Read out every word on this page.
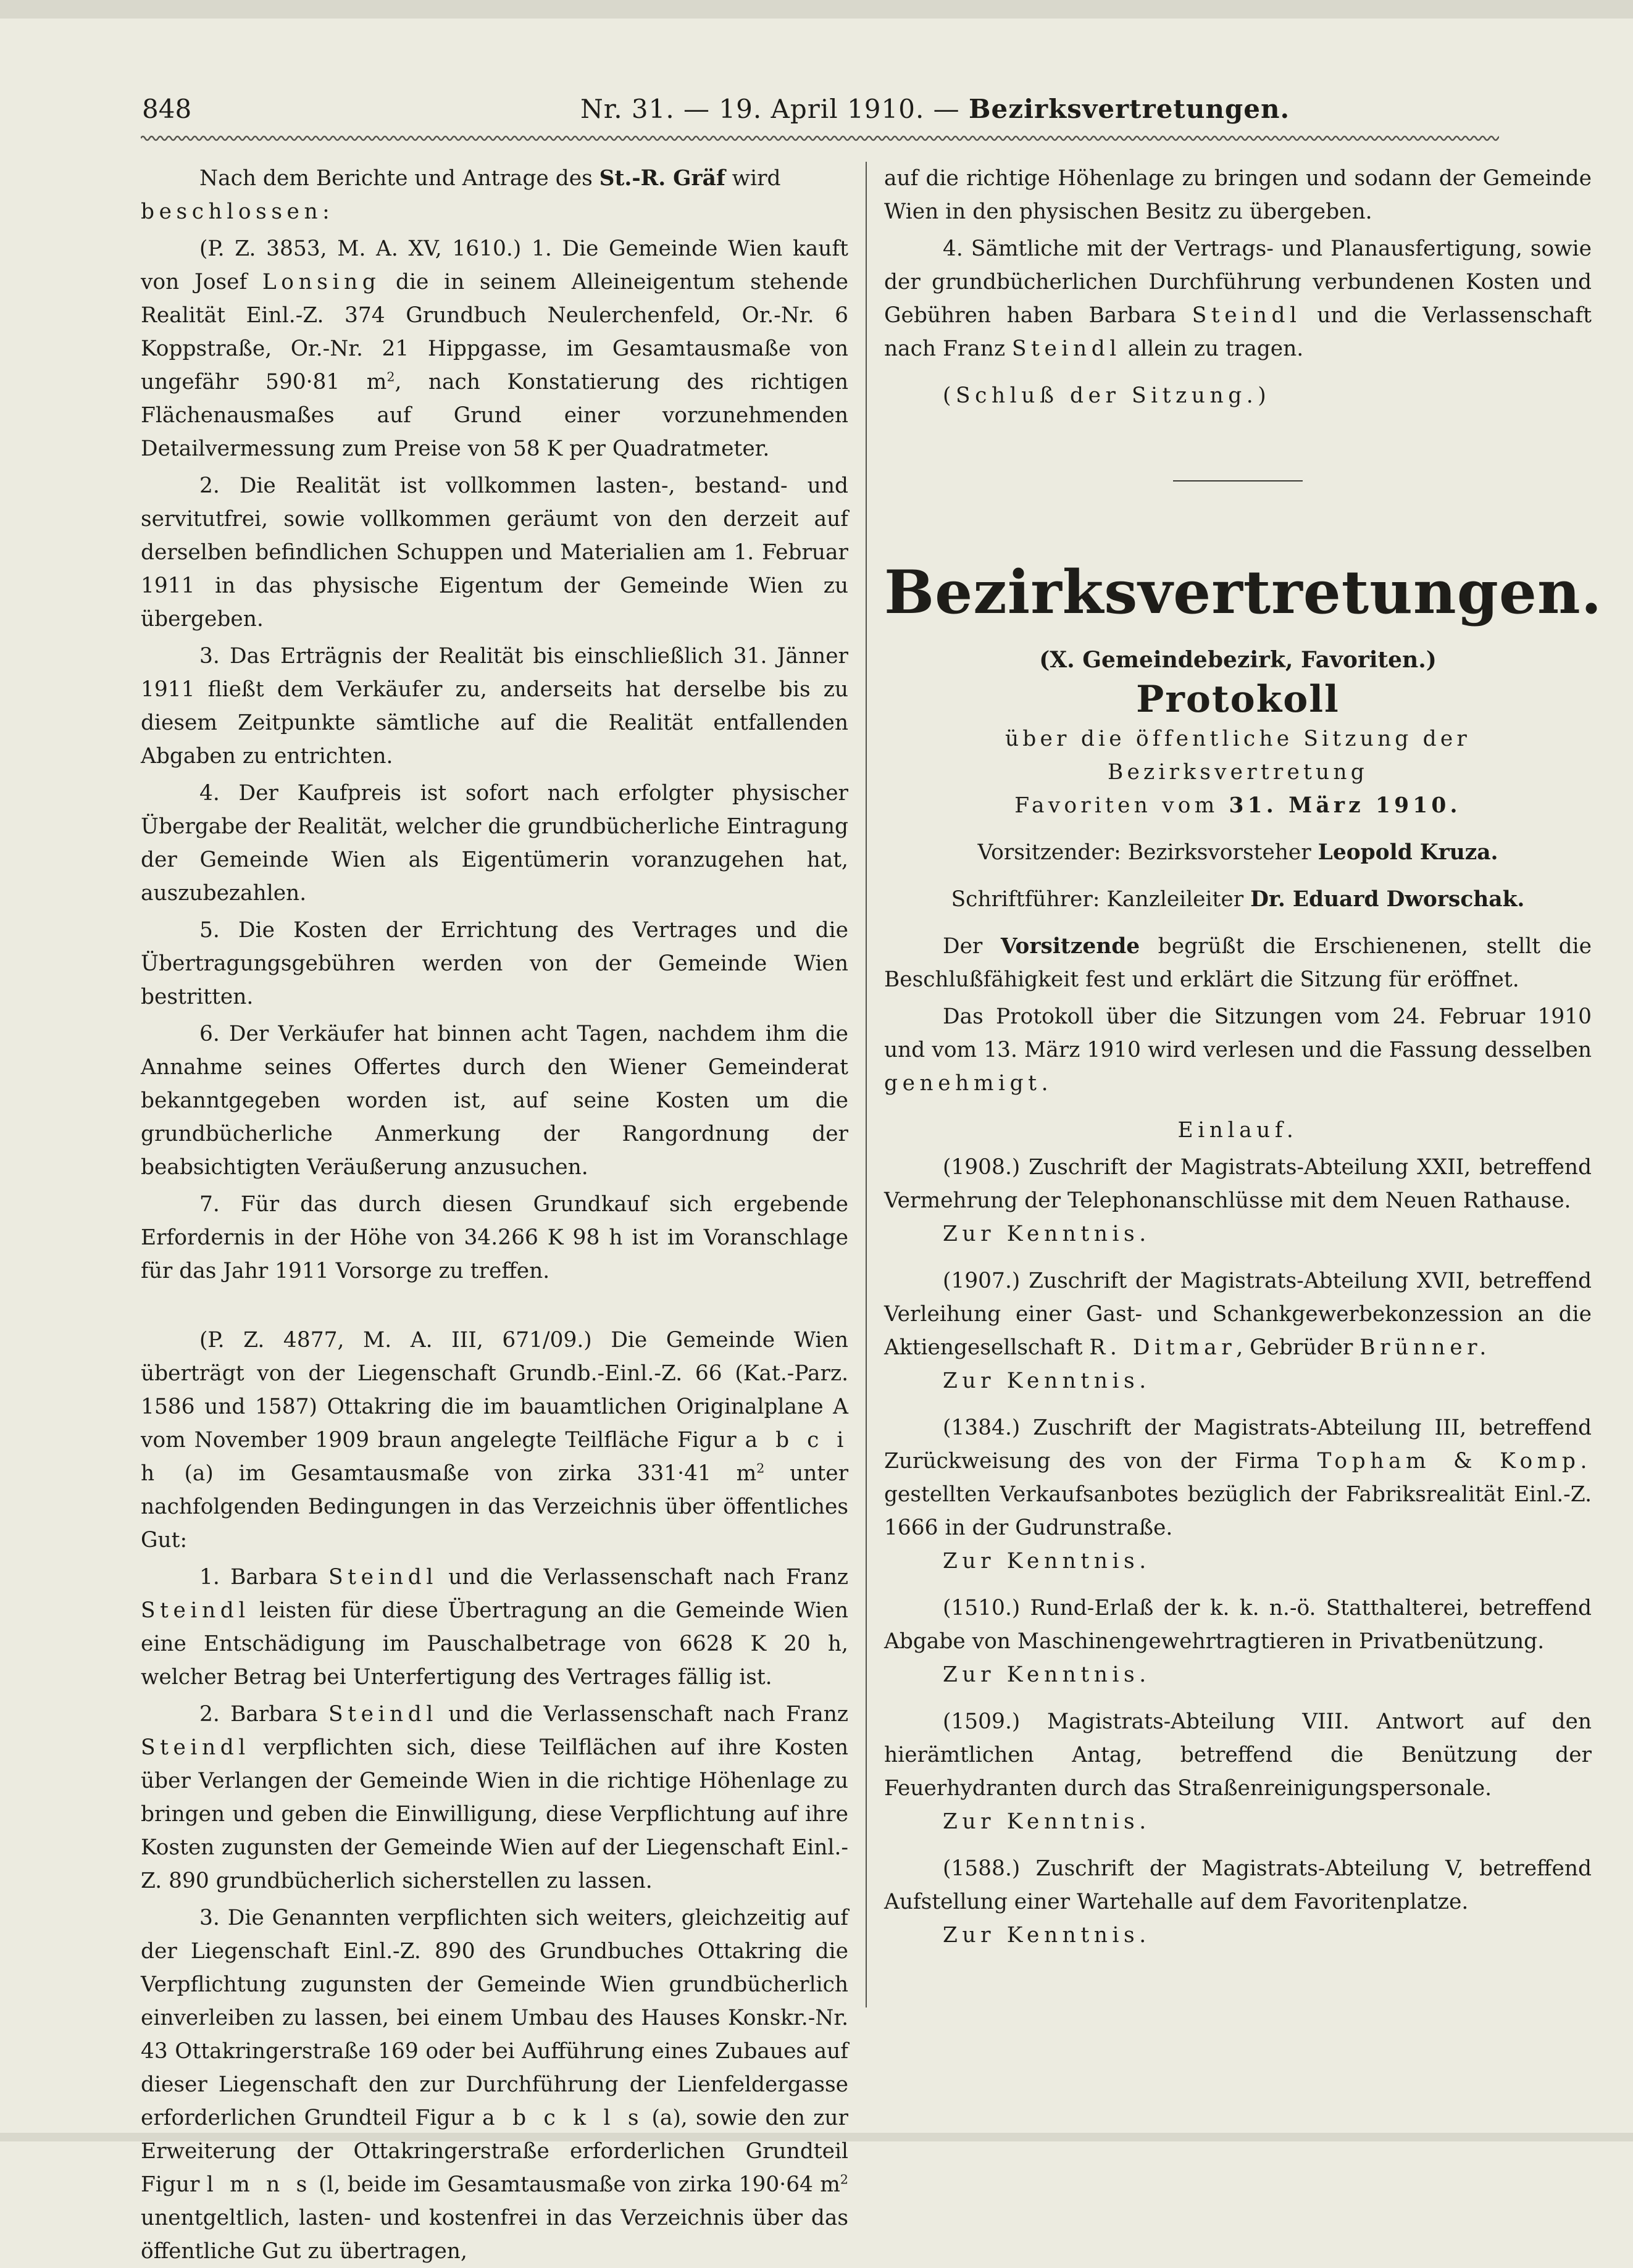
848	Nr. 31. — 19. April 1910. — Bezirksvertretungen.

Nach dem Berichte und Antrage des St.-R. Gräf wird
beschlossen:

(P. Z. 3853, M. A. XV, 1610.) 1. Die Gemeinde Wien kauft von Josef Lonsing die in seinem Alleineigentum stehende Realität Einl.-Z. 374 Grundbuch Neulerchenfeld, Or.-Nr. 6 Koppstraße, Or.-Nr. 21 Hippgasse, im Gesamtausmaße von ungefähr 590·81 $m^2$, nach Konstatierung des richtigen Flächenausmaßes auf Grund einer vorzunehmenden Detailvermessung zum Preise von 58 K per Quadratmeter.

2. Die Realität ist vollkommen lasten-, bestand- und servitutfrei, sowie vollkommen geräumt von den derzeit auf derselben befindlichen Schuppen und Materialien am 1. Februar 1911 in das physische Eigentum der Gemeinde Wien zu übergeben.

3. Das Erträgnis der Realität bis einschließlich 31. Jänner 1911 fließt dem Verkäufer zu, anderseits hat derselbe bis zu diesem Zeitpunkte sämtliche auf die Realität entfallenden Abgaben zu entrichten.

4. Der Kaufpreis ist sofort nach erfolgter physischer Übergabe der Realität, welcher die grundbücherliche Eintragung der Gemeinde Wien als Eigentümerin voranzugehen hat, auszubezahlen.

5. Die Kosten der Errichtung des Vertrages und die Übertragungsgebühren werden von der Gemeinde Wien bestritten.

6. Der Verkäufer hat binnen acht Tagen, nachdem ihm die Annahme seines Offertes durch den Wiener Gemeinderat bekanntgegeben worden ist, auf seine Kosten um die grundbücherliche Anmerkung der Rangordnung der beabsichtigten Veräußerung anzusuchen.

7. Für das durch diesen Grundkauf sich ergebende Erfordernis in der Höhe von 34.266 K 98 h ist im Voranschlage für das Jahr 1911 Vorsorge zu treffen.

(P. Z. 4877, M. A. III, 671/09.) Die Gemeinde Wien überträgt von der Liegenschaft Grundb.-Einl.-Z. 66 (Kat.-Parz. 1586 und 1587) Ottakring die im bauamtlichen Originalplane A vom November 1909 braun angelegte Teilfläche Figur a b c i h (a) im Gesamtausmaße von zirka 331·41 $m^2$ unter nachfolgenden Bedingungen in das Verzeichnis über öffentliches Gut:

1. Barbara Steindl und die Verlassenschaft nach Franz Steindl leisten für diese Übertragung an die Gemeinde Wien eine Entschädigung im Pauschalbetrage von 6628 K 20 h, welcher Betrag bei Unterfertigung des Vertrages fällig ist.

2. Barbara Steindl und die Verlassenschaft nach Franz Steindl verpflichten sich, diese Teilflächen auf ihre Kosten über Verlangen der Gemeinde Wien in die richtige Höhenlage zu bringen und geben die Einwilligung, diese Verpflichtung auf ihre Kosten zugunsten der Gemeinde Wien auf der Liegenschaft Einl.-Z. 890 grundbücherlich sicherstellen zu lassen.

3. Die Genannten verpflichten sich weiters, gleichzeitig auf der Liegenschaft Einl.-Z. 890 des Grundbuches Ottakring die Verpflichtung zugunsten der Gemeinde Wien grundbücherlich einverleiben zu lassen, bei einem Umbau des Hauses Konskr.-Nr. 43 Ottakringerstraße 169 oder bei Aufführung eines Zubaues auf dieser Liegenschaft den zur Durchführung der Lienfeldergasse erforderlichen Grundteil Figur a b c k l s (a), sowie den zur Erweiterung der Ottakringerstraße erforderlichen Grundteil Figur l m n s (l, beide im Gesamtausmaße von zirka 190·64 $m^2$ unentgeltlich, lasten- und kostenfrei in das Verzeichnis über das öffentliche Gut zu übertragen,

auf die richtige Höhenlage zu bringen und sodann der Gemeinde Wien in den physischen Besitz zu übergeben.

4. Sämtliche mit der Vertrags- und Planausfertigung, sowie der grundbücherlichen Durchführung verbundenen Kosten und Gebühren haben Barbara Steindl und die Verlassenschaft nach Franz Steindl allein zu tragen.

(Schluß der Sitzung.)

Bezirksvertretungen.

(X. Gemeindebezirk, Favoriten.)

Protokoll

über die öffentliche Sitzung der Bezirksvertretung

Favoriten vom 31. März 1910.

Vorsitzender: Bezirksvorsteher Leopold Kruza.

Schriftführer: Kanzleileiter Dr. Eduard Dworschak.

Der Vorsitzende begrüßt die Erschienenen, stellt die Beschlußfähigkeit fest und erklärt die Sitzung für eröffnet.

Das Protokoll über die Sitzungen vom 24. Februar 1910 und vom 13. März 1910 wird verlesen und die Fassung desselben genehmigt.

Einlauf.

(1908.) Zuschrift der Magistrats-Abteilung XXII, betreffend Vermehrung der Telephonanschlüsse mit dem Neuen Rathause.

Zur Kenntnis.

(1907.) Zuschrift der Magistrats-Abteilung XVII, betreffend Verleihung einer Gast- und Schankgewerbekonzession an die Aktiengesellschaft R. Ditmar, Gebrüder Brünner.

Zur Kenntnis.

(1384.) Zuschrift der Magistrats-Abteilung III, betreffend Zurückweisung des von der Firma Topham & Komp. gestellten Verkaufsanbotes bezüglich der Fabriksrealität Einl.-Z. 1666 in der Gudrunstraße.

Zur Kenntnis.

(1510.) Rund-Erlaß der k. k. n.-ö. Statthalterei, betreffend Abgabe von Maschinengewehrtragtieren in Privatbenützung.

Zur Kenntnis.

(1509.) Magistrats-Abteilung VIII. Antwort auf den hierämtlichen Antag, betreffend die Benützung der Feuerhydranten durch das Straßenreinigungspersonale.

Zur Kenntnis.

(1588.) Zuschrift der Magistrats-Abteilung V, betreffend Aufstellung einer Wartehalle auf dem Favoritenplatze.

Zur Kenntnis.
